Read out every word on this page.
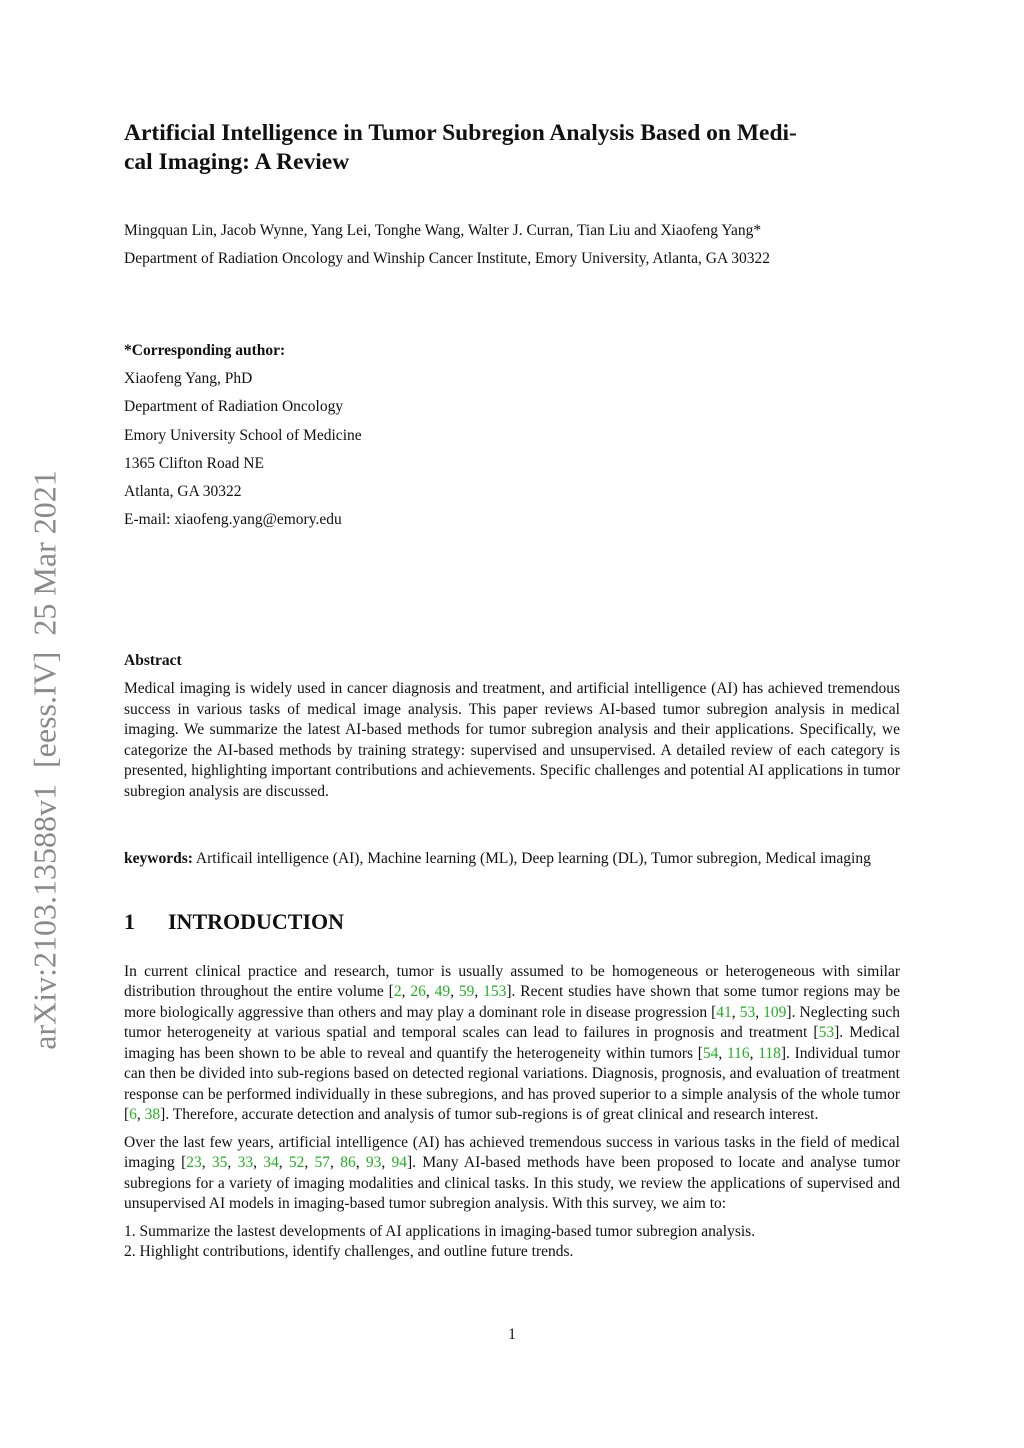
arXiv:2103.13588v1  [eess.IV]  25 Mar 2021
Artificial Intelligence in Tumor Subregion Analysis Based on Medi-
cal Imaging: A Review
Mingquan Lin, Jacob Wynne, Yang Lei, Tonghe Wang, Walter J. Curran, Tian Liu and Xiaofeng Yang*
Department of Radiation Oncology and Winship Cancer Institute, Emory University, Atlanta, GA 30322
*Corresponding author:
Xiaofeng Yang, PhD
Department of Radiation Oncology
Emory University School of Medicine
1365 Clifton Road NE
Atlanta, GA 30322
E-mail: xiaofeng.yang@emory.edu
Abstract

Medical imaging is widely used in cancer diagnosis and treatment, and artificial intelligence (AI) has achieved tremendous success in various tasks of medical image analysis. This paper reviews AI-based tumor subregion analysis in medical imaging. We summarize the latest AI-based methods for tumor subregion analysis and their applications. Specifically, we categorize the AI-based methods by training strategy: supervised and unsupervised. A detailed review of each category is presented, highlighting important contributions and achievements. Specific challenges and potential AI applications in tumor subregion analysis are discussed.

keywords: Artificail intelligence (AI), Machine learning (ML), Deep learning (DL), Tumor subregion, Medical imaging

1	INTRODUCTION

In current clinical practice and research, tumor is usually assumed to be homogeneous or heterogeneous with similar distribution throughout the entire volume [2, 26, 49, 59, 153]. Recent studies have shown that some tumor regions may be more biologically aggressive than others and may play a dominant role in disease progression [41, 53, 109]. Neglecting such tumor heterogeneity at various spatial and temporal scales can lead to failures in prognosis and treatment [53]. Medical imaging has been shown to be able to reveal and quantify the heterogeneity within tumors [54, 116, 118]. Individual tumor can then be divided into sub-regions based on detected regional variations. Diagnosis, prognosis, and evaluation of treatment response can be performed individually in these subregions, and has proved superior to a simple analysis of the whole tumor [6, 38]. Therefore, accurate detection and analysis of tumor sub-regions is of great clinical and research interest.

Over the last few years, artificial intelligence (AI) has achieved tremendous success in various tasks in the field of medical imaging [23, 35, 33, 34, 52, 57, 86, 93, 94]. Many AI-based methods have been proposed to locate and analyse tumor subregions for a variety of imaging modalities and clinical tasks. In this study, we review the applications of supervised and unsupervised AI models in imaging-based tumor subregion analysis. With this survey, we aim to:

1. Summarize the lastest developments of AI applications in imaging-based tumor subregion analysis.
2. Highlight contributions, identify challenges, and outline future trends.
1
